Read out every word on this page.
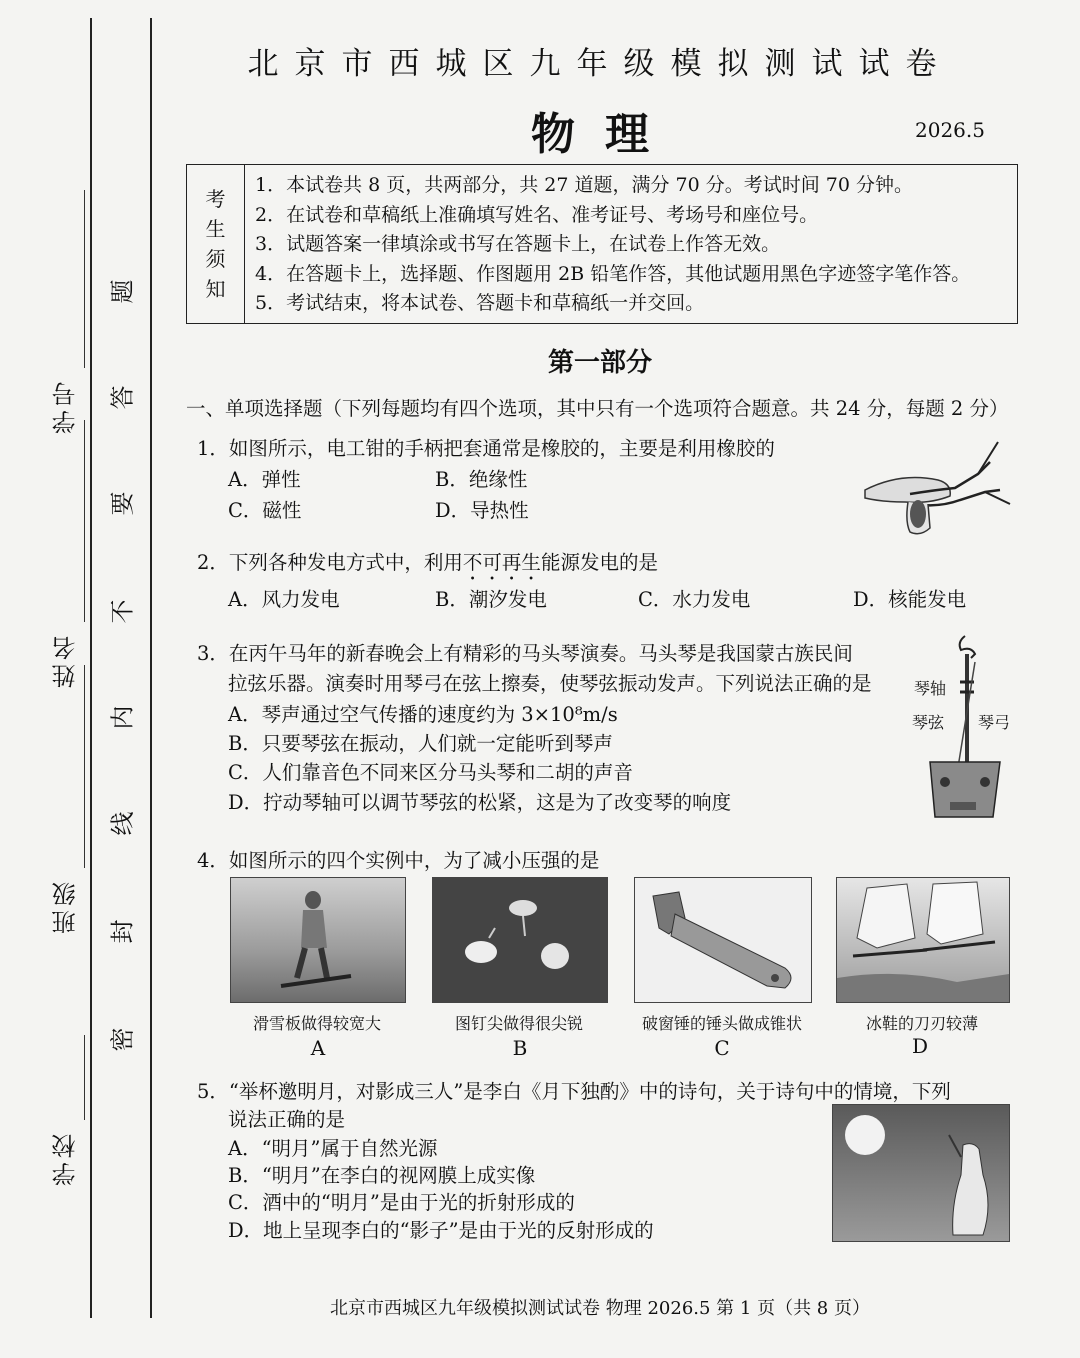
学校
班级
姓名
学号
密
封
线
内
不
要
答
题
北京市西城区九年级模拟测试试卷
物理	2026.5
考
生
须
知
1．本试卷共 8 页，共两部分，共 27 道题，满分 70 分。考试时间 70 分钟。
2．在试卷和草稿纸上准确填写姓名、准考证号、考场号和座位号。
3．试题答案一律填涂或书写在答题卡上，在试卷上作答无效。
4．在答题卡上，选择题、作图题用 2B 铅笔作答，其他试题用黑色字迹签字笔作答。
5．考试结束，将本试卷、答题卡和草稿纸一并交回。
第一部分
一、单项选择题（下列每题均有四个选项，其中只有一个选项符合题意。共 24 分，每题 2 分）
1．如图所示，电工钳的手柄把套通常是橡胶的，主要是利用橡胶的
A．弹性	B．绝缘性
C．磁性	D．导热性
2．下列各种发电方式中，利用不可再生能源发电的是
A．风力发电	B．潮汐发电	C．水力发电	D．核能发电
3．在丙午马年的新春晚会上有精彩的马头琴演奏。马头琴是我国蒙古族民间
拉弦乐器。演奏时用琴弓在弦上擦奏，使琴弦振动发声。下列说法正确的是
A．琴声通过空气传播的速度约为 3×10⁸m/s
B．只要琴弦在振动，人们就一定能听到琴声
C．人们靠音色不同来区分马头琴和二胡的声音
D．拧动琴轴可以调节琴弦的松紧，这是为了改变琴的响度
琴轴
琴弦 琴弓
4．如图所示的四个实例中，为了减小压强的是
滑雪板做得较宽大	图钉尖做得很尖锐	破窗锤的锤头做成锥状	冰鞋的刀刃较薄
A	B	C	D
5．“举杯邀明月，对影成三人”是李白《月下独酌》中的诗句，关于诗句中的情境，下列
说法正确的是
A．“明月”属于自然光源
B．“明月”在李白的视网膜上成实像
C．酒中的“明月”是由于光的折射形成的
D．地上呈现李白的“影子”是由于光的反射形成的
北京市西城区九年级模拟测试试卷 物理 2026.5 第 1 页（共 8 页）
